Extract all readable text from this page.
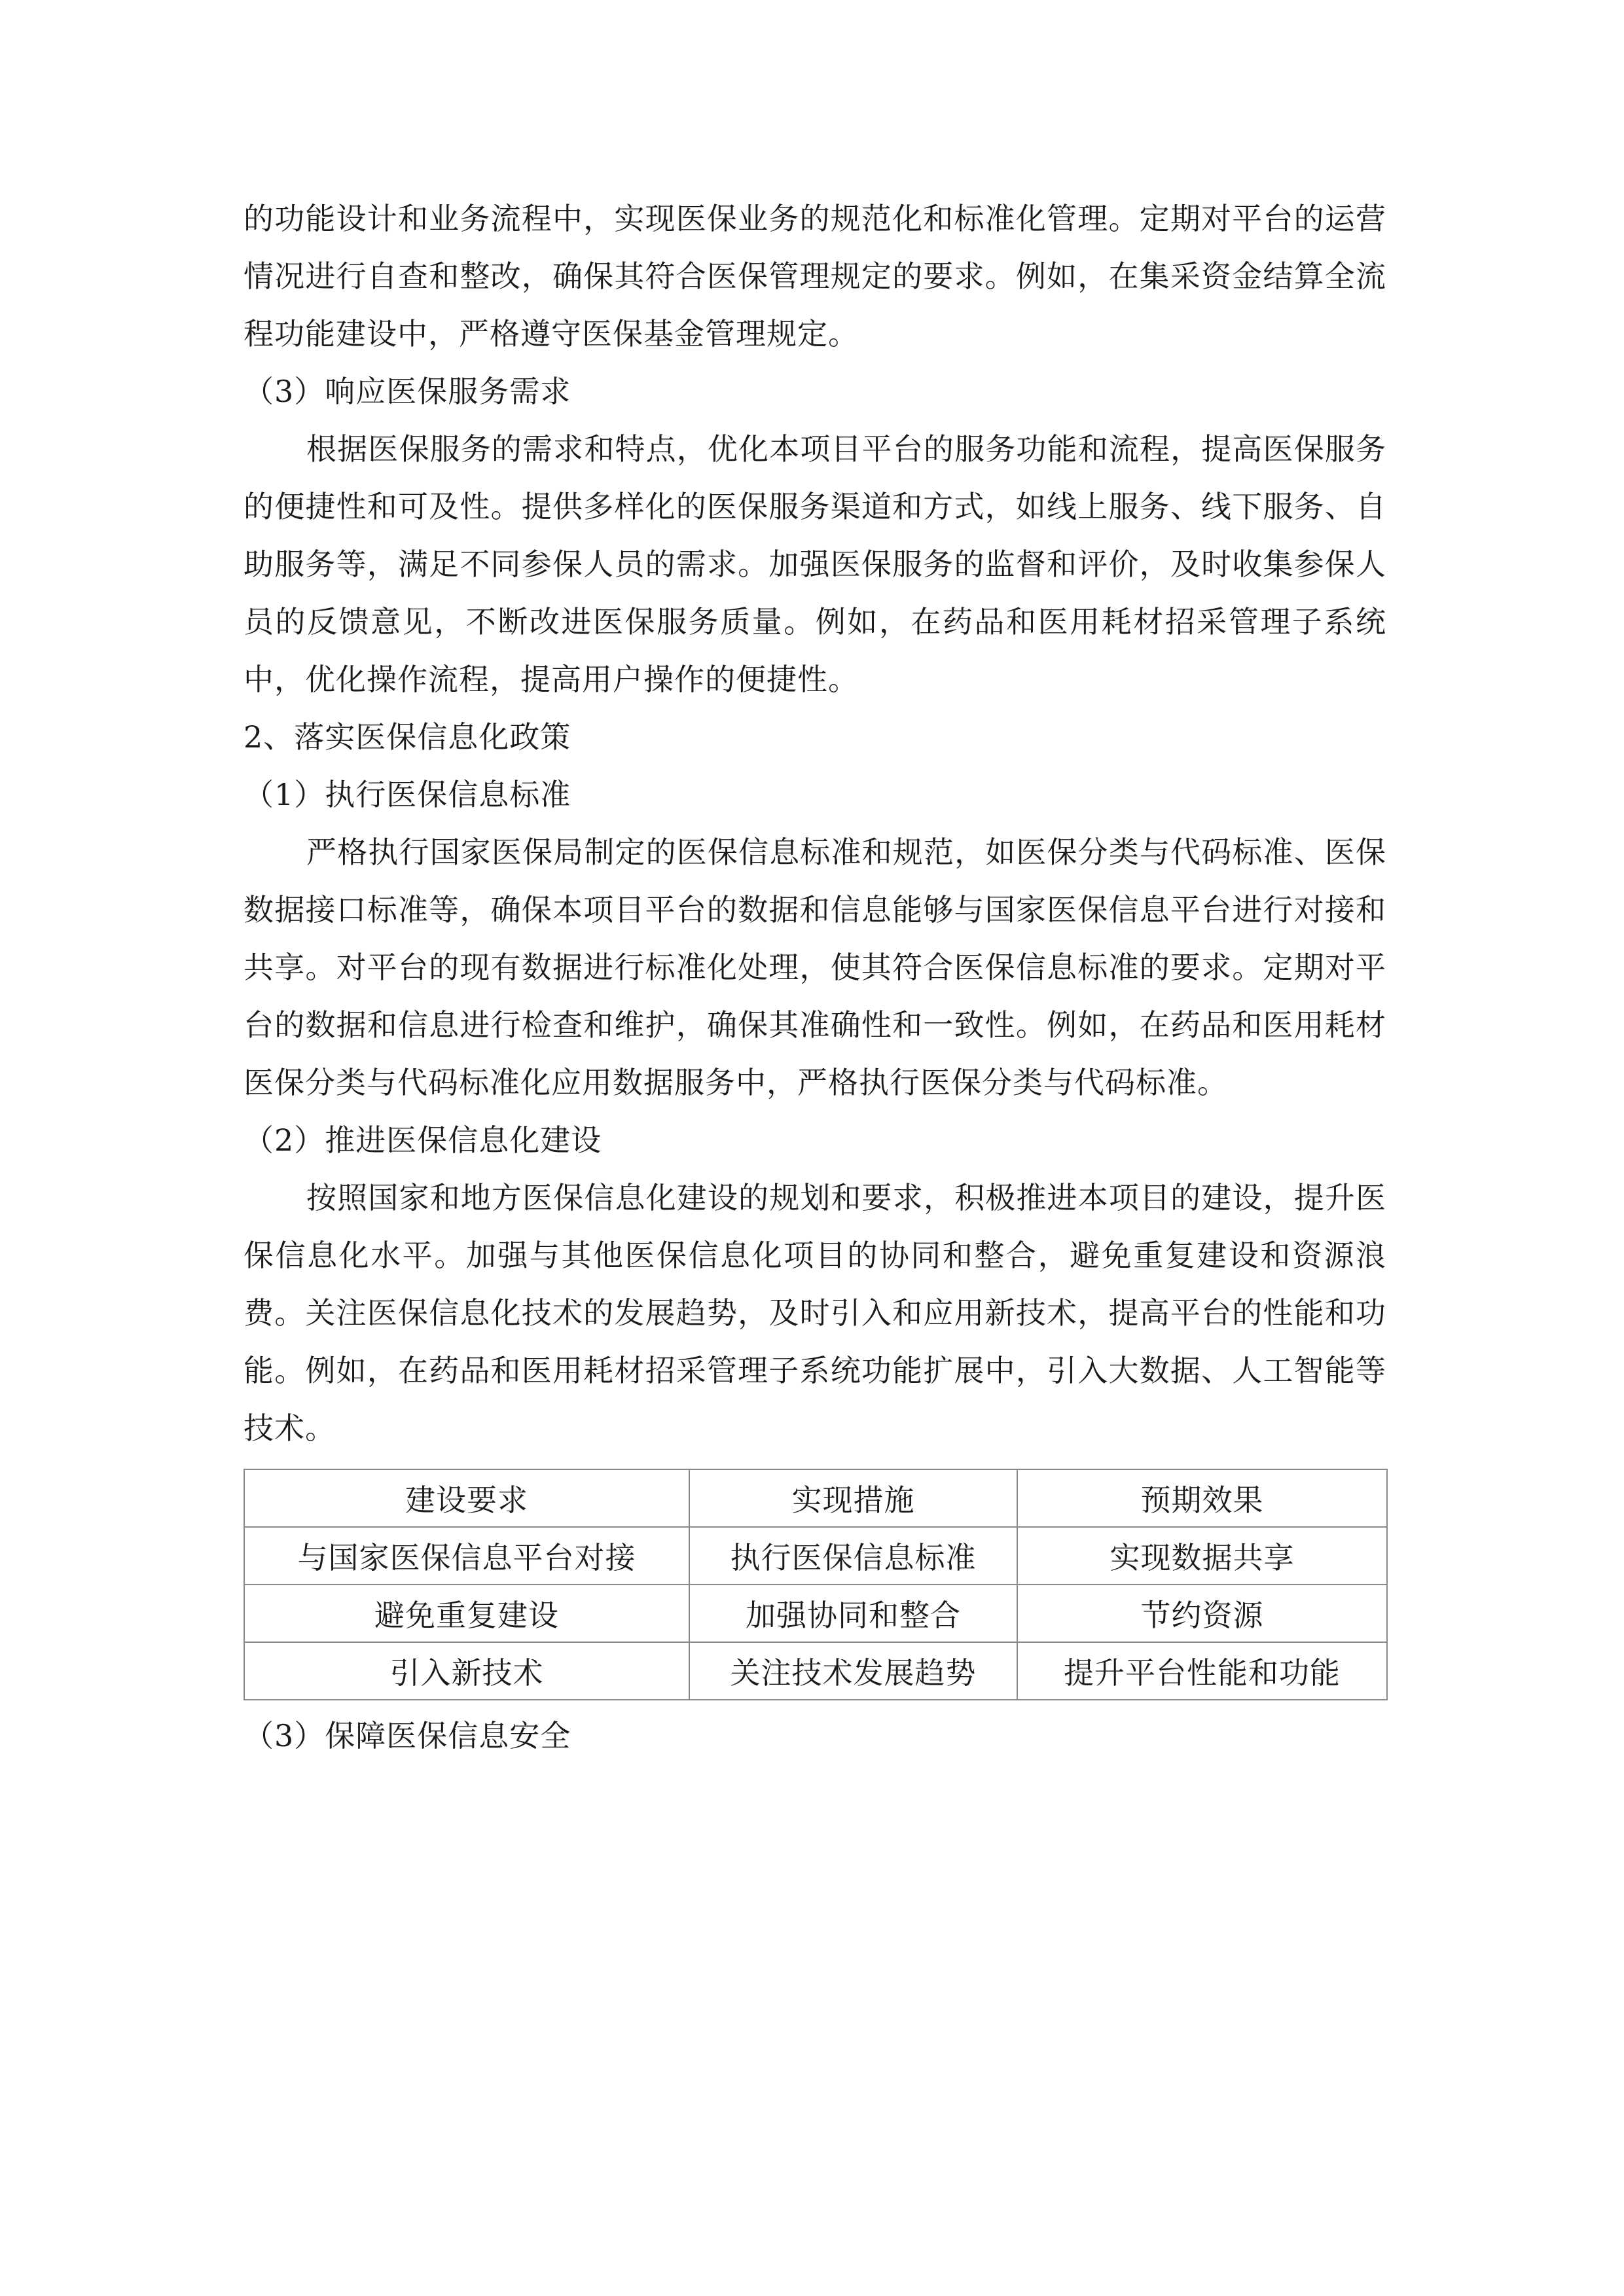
的功能设计和业务流程中，实现医保业务的规范化和标准化管理。定期对平台的运营情况进行自查和整改，确保其符合医保管理规定的要求。例如，在集采资金结算全流程功能建设中，严格遵守医保基金管理规定。

（3）响应医保服务需求

根据医保服务的需求和特点，优化本项目平台的服务功能和流程，提高医保服务的便捷性和可及性。提供多样化的医保服务渠道和方式，如线上服务、线下服务、自助服务等，满足不同参保人员的需求。加强医保服务的监督和评价，及时收集参保人员的反馈意见，不断改进医保服务质量。例如，在药品和医用耗材招采管理子系统中，优化操作流程，提高用户操作的便捷性。

2、落实医保信息化政策

（1）执行医保信息标准

严格执行国家医保局制定的医保信息标准和规范，如医保分类与代码标准、医保数据接口标准等，确保本项目平台的数据和信息能够与国家医保信息平台进行对接和共享。对平台的现有数据进行标准化处理，使其符合医保信息标准的要求。定期对平台的数据和信息进行检查和维护，确保其准确性和一致性。例如，在药品和医用耗材医保分类与代码标准化应用数据服务中，严格执行医保分类与代码标准。

（2）推进医保信息化建设

按照国家和地方医保信息化建设的规划和要求，积极推进本项目的建设，提升医保信息化水平。加强与其他医保信息化项目的协同和整合，避免重复建设和资源浪费。关注医保信息化技术的发展趋势，及时引入和应用新技术，提高平台的性能和功能。例如，在药品和医用耗材招采管理子系统功能扩展中，引入大数据、人工智能等技术。

建设要求	实现措施	预期效果
与国家医保信息平台对接	执行医保信息标准	实现数据共享
避免重复建设	加强协同和整合	节约资源
引入新技术	关注技术发展趋势	提升平台性能和功能

（3）保障医保信息安全
